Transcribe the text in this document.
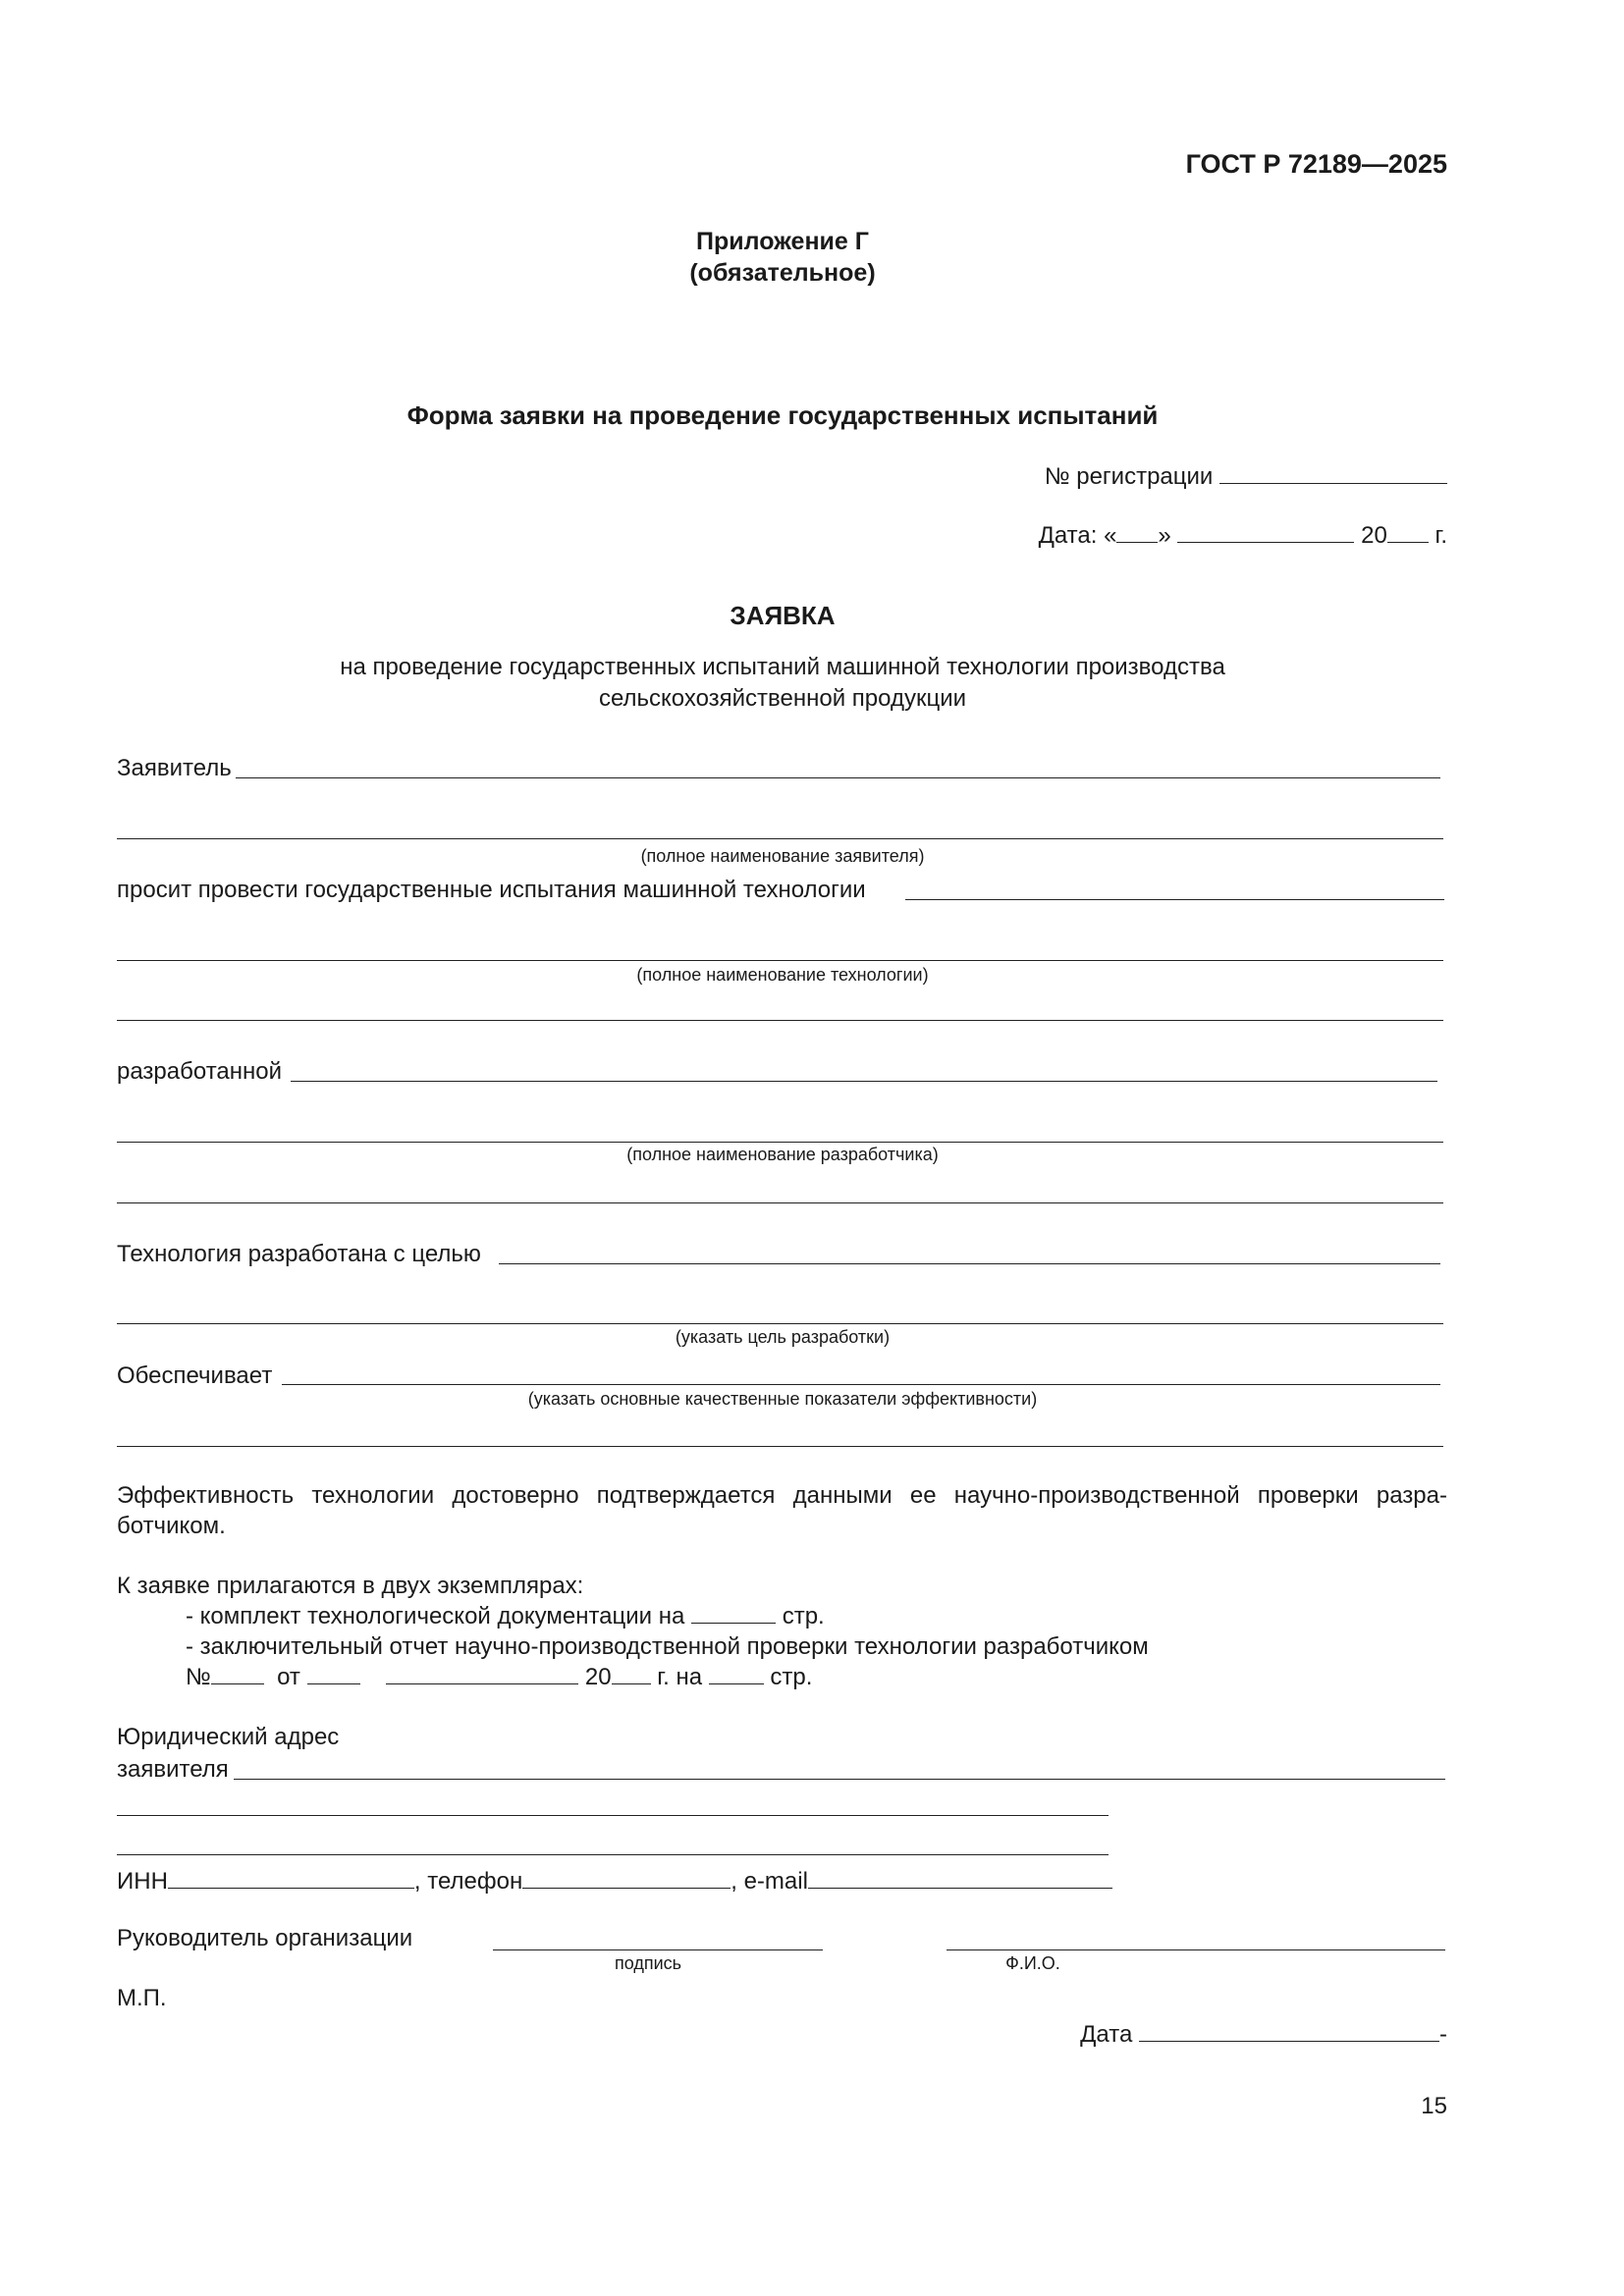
ГОСТ Р 72189—2025
Приложение Г
(обязательное)
Форма заявки на проведение государственных испытаний
№ регистрации
Дата: « »	20 г.
ЗАЯВКА
на проведение государственных испытаний машинной технологии производства
сельскохозяйственной продукции
Заявитель
(полное наименование заявителя)
просит провести государственные испытания машинной технологии
(полное наименование технологии)
разработанной
(полное наименование разработчика)
Технология разработана с целью
(указать цель разработки)
Обеспечивает
(указать основные качественные показатели эффективности)
Эффективность технологии достоверно подтверждается данными ее научно-производственной проверки разра-
ботчиком.
К заявке прилагаются в двух экземплярах:
- комплект технологической документации на	стр.
- заключительный отчет научно-производственной проверки технологии разработчиком
№	от	20 г. на	стр.
Юридический адрес
заявителя
ИНН	, телефон	, e-mail
Руководитель организации
подпись	Ф.И.О.
М.П.
Дата	-
15
